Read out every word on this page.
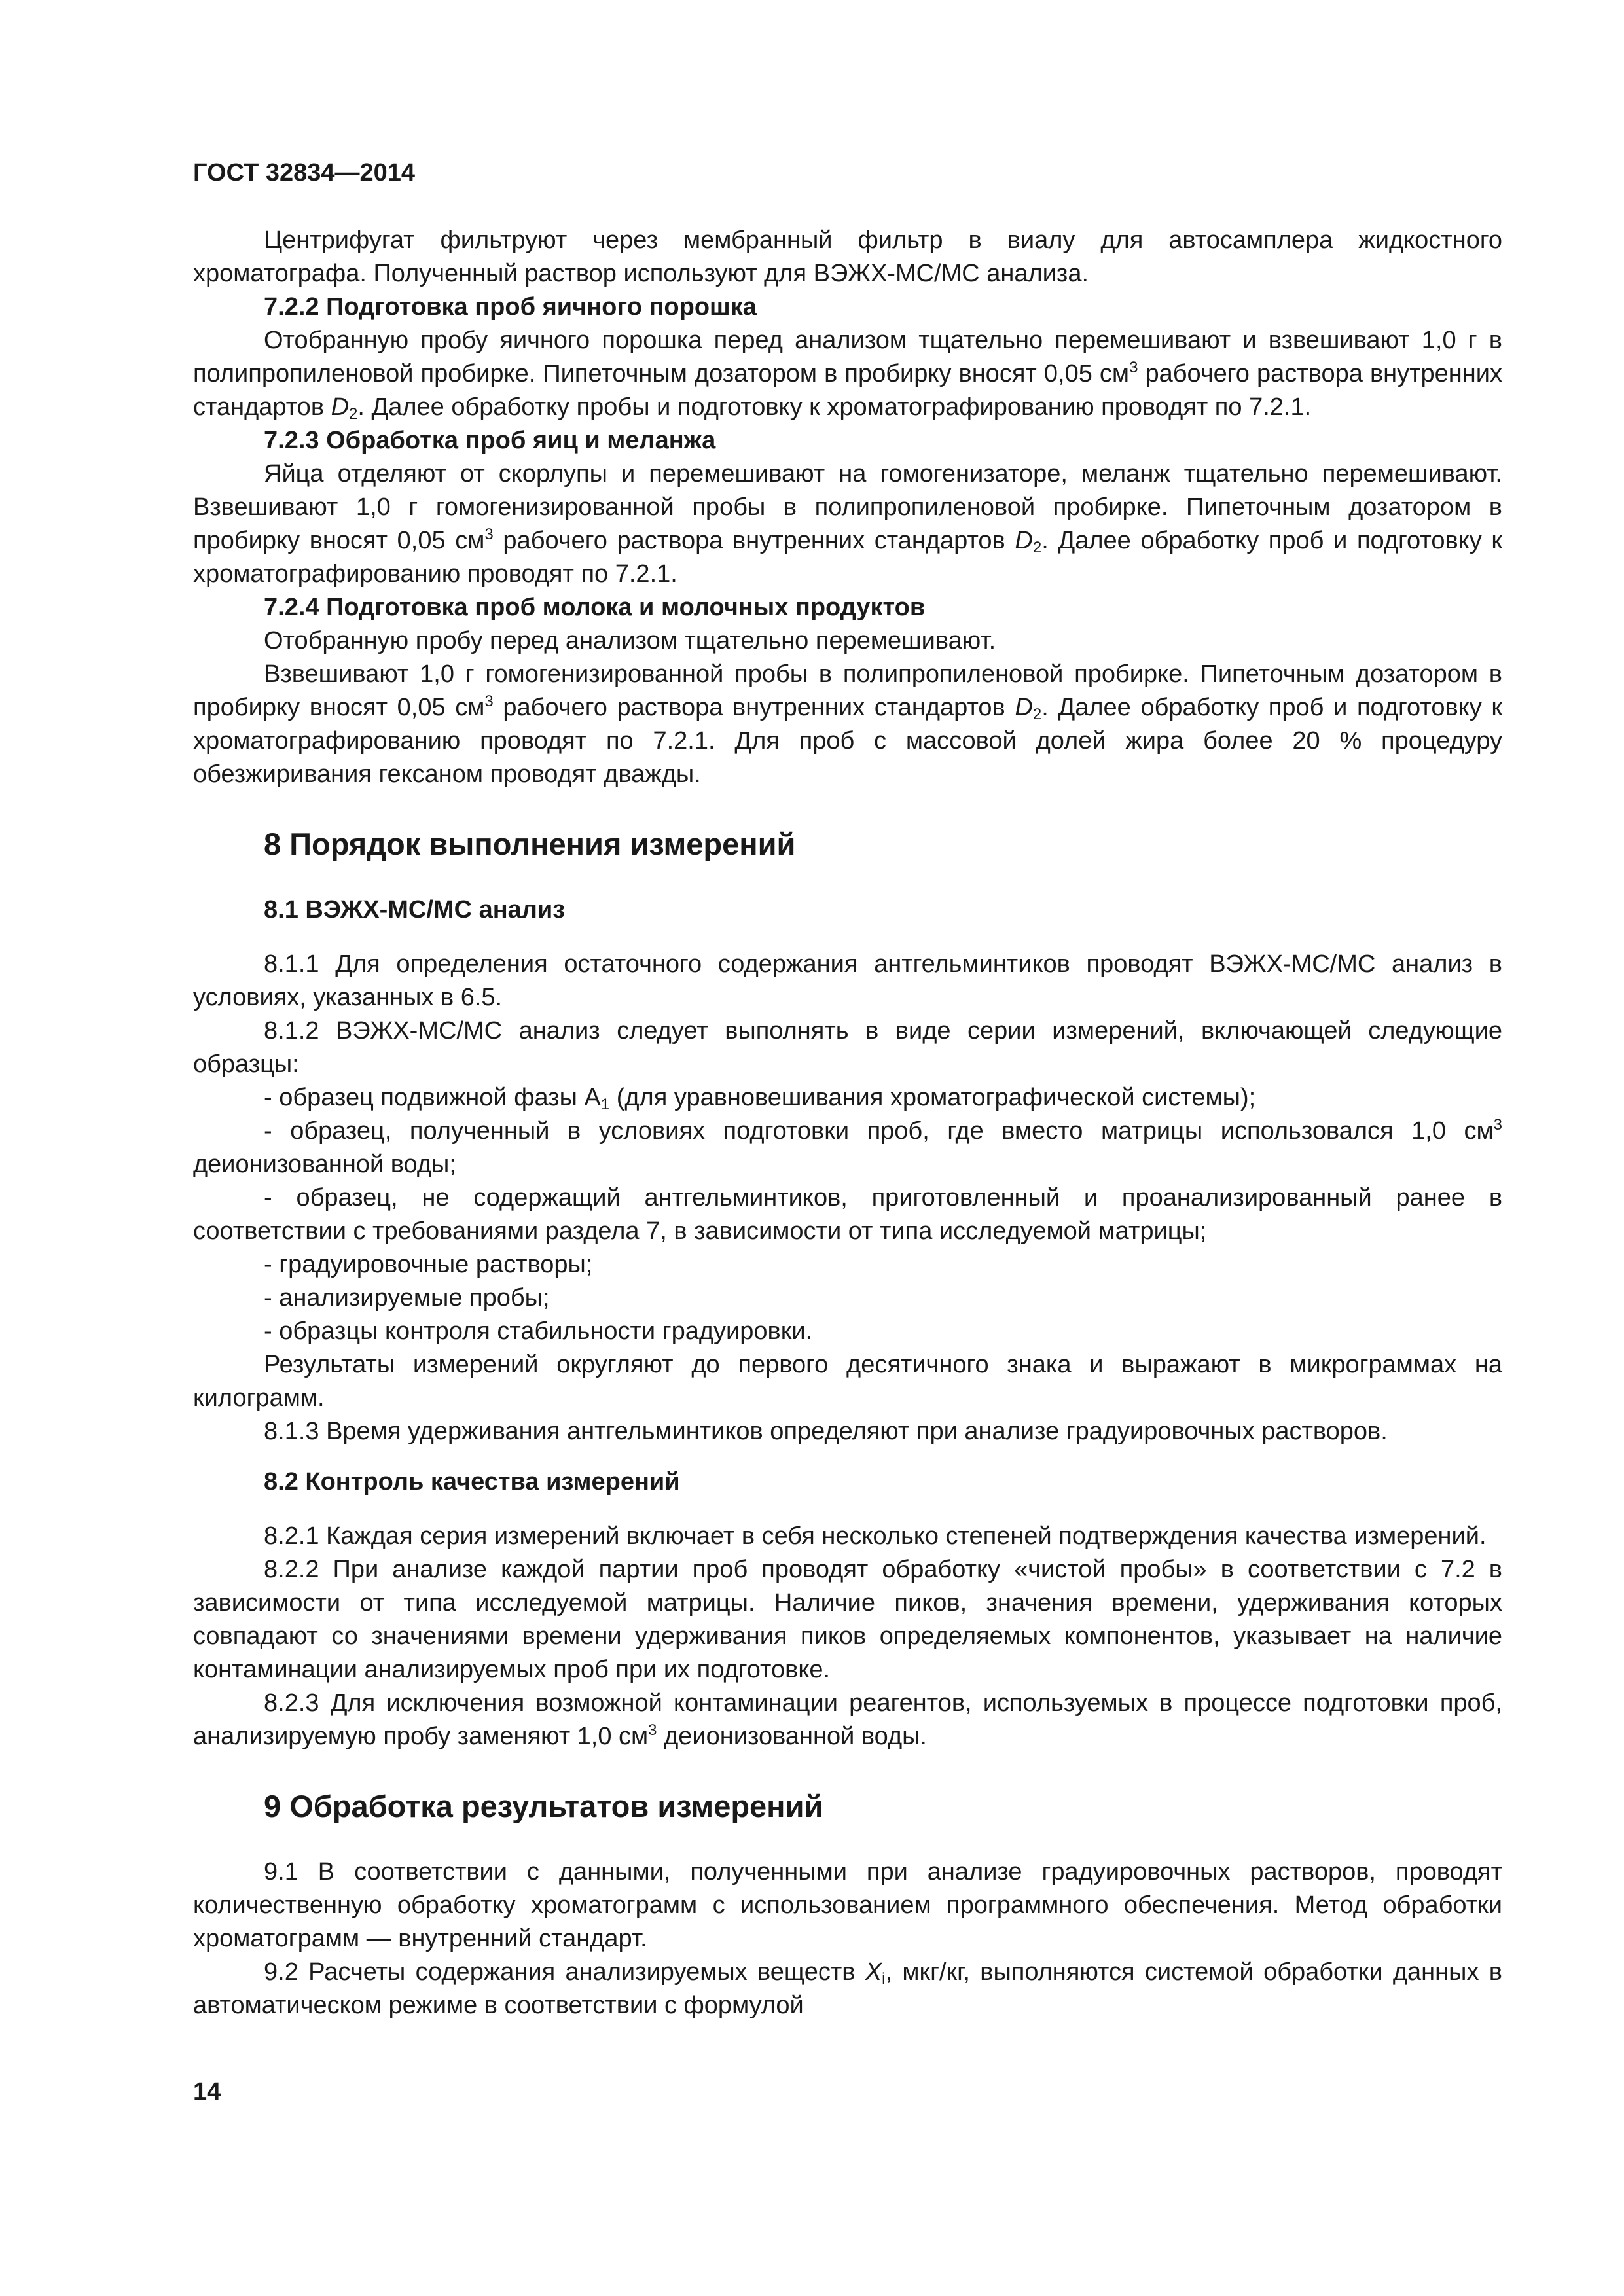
ГОСТ 32834—2014

Центрифугат фильтруют через мембранный фильтр в виалу для автосамплера жидкостного хроматографа. Полученный раствор используют для ВЭЖХ-МС/МС анализа.

7.2.2 Подготовка проб яичного порошка

Отобранную пробу яичного порошка перед анализом тщательно перемешивают и взвешивают 1,0 г в полипропиленовой пробирке. Пипеточным дозатором в пробирку вносят 0,05 $см^3$ рабочего раствора внутренних стандартов $D_2$. Далее обработку пробы и подготовку к хроматографированию проводят по 7.2.1.

7.2.3 Обработка проб яиц и меланжа

Яйца отделяют от скорлупы и перемешивают на гомогенизаторе, меланж тщательно перемешивают. Взвешивают 1,0 г гомогенизированной пробы в полипропиленовой пробирке. Пипеточным дозатором в пробирку вносят 0,05 $см^3$ рабочего раствора внутренних стандартов $D_2$. Далее обработку проб и подготовку к хроматографированию проводят по 7.2.1.

7.2.4 Подготовка проб молока и молочных продуктов

Отобранную пробу перед анализом тщательно перемешивают.

Взвешивают 1,0 г гомогенизированной пробы в полипропиленовой пробирке. Пипеточным дозатором в пробирку вносят 0,05 $см^3$ рабочего раствора внутренних стандартов $D_2$. Далее обработку проб и подготовку к хроматографированию проводят по 7.2.1. Для проб с массовой долей жира более 20 % процедуру обезжиривания гексаном проводят дважды.

8 Порядок выполнения измерений
8.1 ВЭЖХ-МС/МС анализ

8.1.1 Для определения остаточного содержания антгельминтиков проводят ВЭЖХ-МС/МС анализ в условиях, указанных в 6.5.

8.1.2 ВЭЖХ-МС/МС анализ следует выполнять в виде серии измерений, включающей следующие образцы:

- образец подвижной фазы $А_1$ (для уравновешивания хроматографической системы);

- образец, полученный в условиях подготовки проб, где вместо матрицы использовался 1,0 $см^3$ деионизованной воды;

- образец, не содержащий антгельминтиков, приготовленный и проанализированный ранее в соответствии с требованиями раздела 7, в зависимости от типа исследуемой матрицы;

- градуировочные растворы;

- анализируемые пробы;

- образцы контроля стабильности градуировки.

Результаты измерений округляют до первого десятичного знака и выражают в микрограммах на килограмм.

8.1.3 Время удерживания антгельминтиков определяют при анализе градуировочных растворов.

8.2 Контроль качества измерений

8.2.1 Каждая серия измерений включает в себя несколько степеней подтверждения качества измерений.

8.2.2 При анализе каждой партии проб проводят обработку «чистой пробы» в соответствии с 7.2 в зависимости от типа исследуемой матрицы. Наличие пиков, значения времени, удерживания которых совпадают со значениями времени удерживания пиков определяемых компонентов, указывает на наличие контаминации анализируемых проб при их подготовке.

8.2.3 Для исключения возможной контаминации реагентов, используемых в процессе подготовки проб, анализируемую пробу заменяют 1,0 $см^3$ деионизованной воды.

9 Обработка результатов измерений

9.1 В соответствии с данными, полученными при анализе градуировочных растворов, проводят количественную обработку хроматограмм с использованием программного обеспечения. Метод обработки хроматограмм — внутренний стандарт.

9.2 Расчеты содержания анализируемых веществ $X_i$, мкг/кг, выполняются системой обработки данных в автоматическом режиме в соответствии с формулой

14
